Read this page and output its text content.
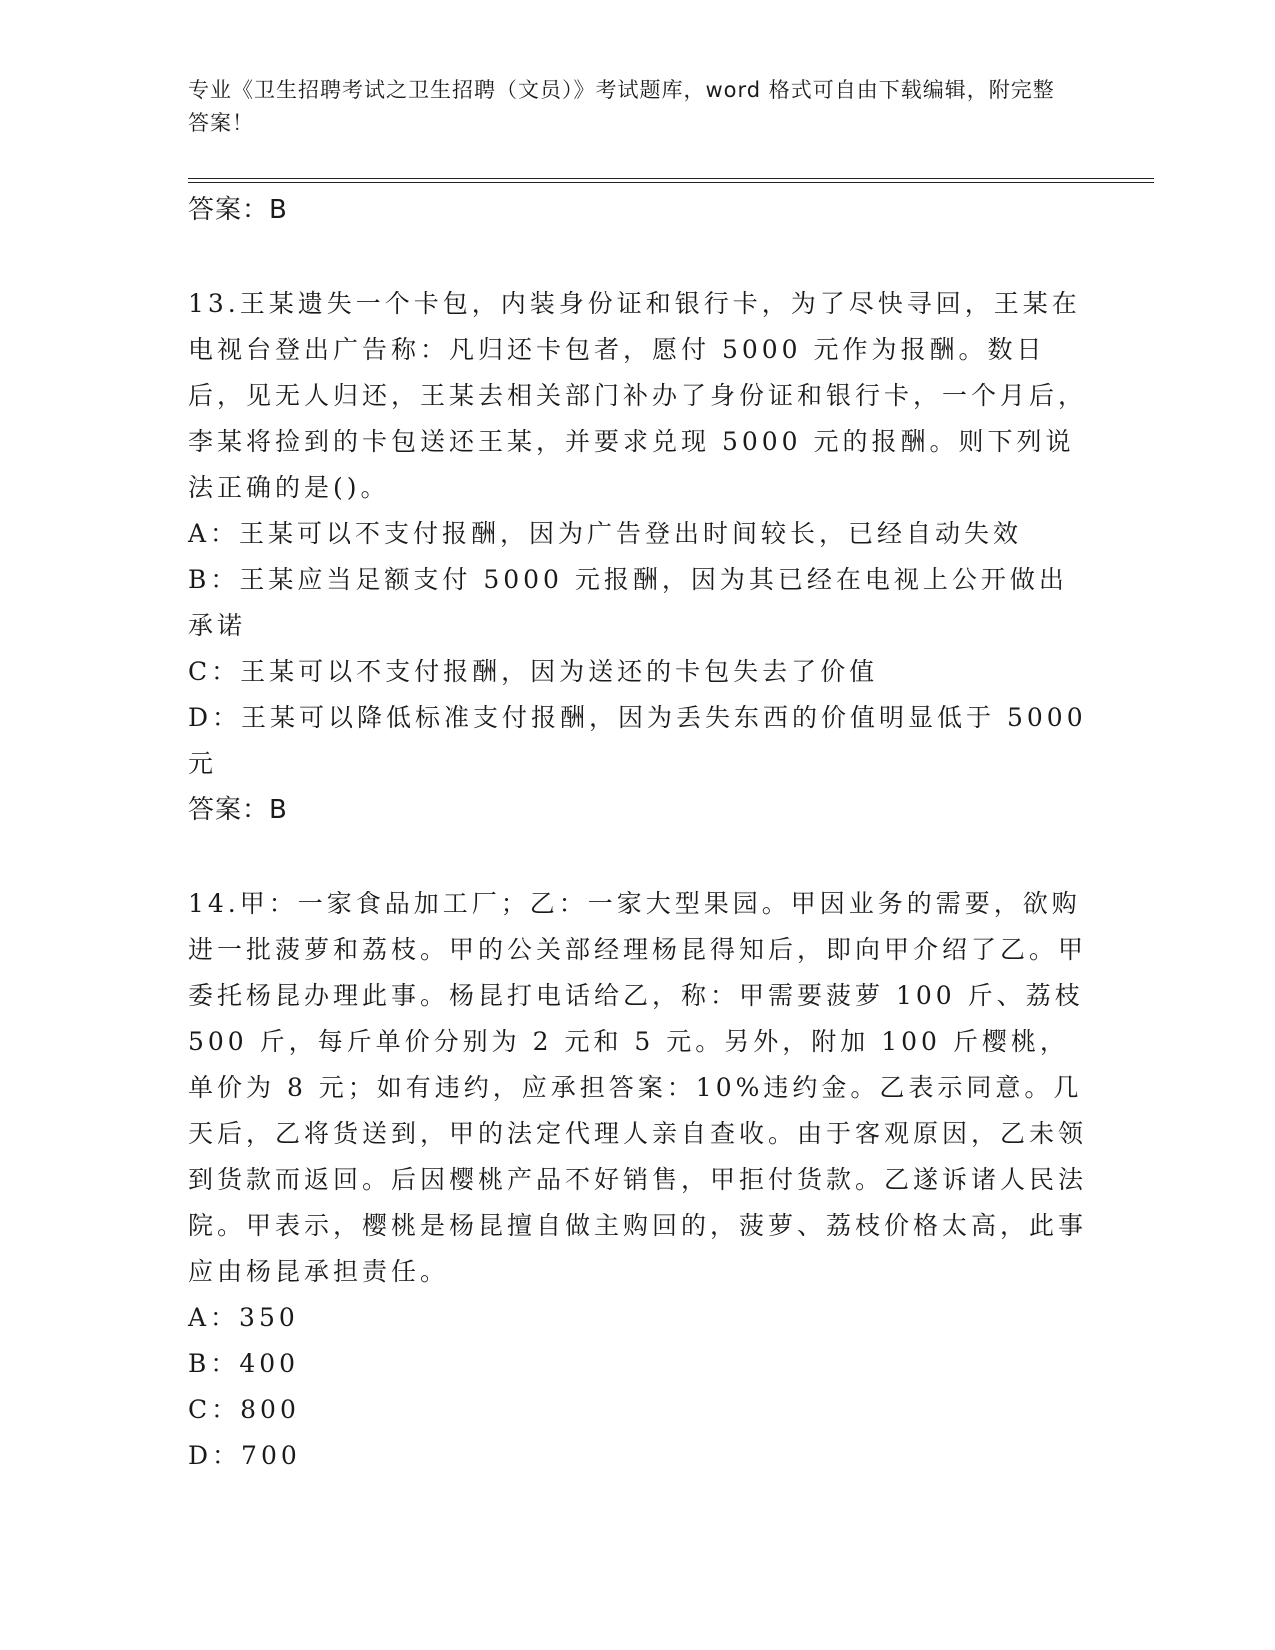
专业《卫生招聘考试之卫生招聘（文员）》考试题库，word 格式可自由下载编辑，附完整答案！
答案：B
13.王某遗失一个卡包，内装身份证和银行卡，为了尽快寻回，王某在电视台登出广告称：凡归还卡包者，愿付 5000 元作为报酬。数日后，见无人归还，王某去相关部门补办了身份证和银行卡，一个月后，李某将捡到的卡包送还王某，并要求兑现 5000 元的报酬。则下列说法正确的是()。
A：王某可以不支付报酬，因为广告登出时间较长，已经自动失效
B：王某应当足额支付 5000 元报酬，因为其已经在电视上公开做出承诺
C：王某可以不支付报酬，因为送还的卡包失去了价值
D：王某可以降低标准支付报酬，因为丢失东西的价值明显低于 5000 元
答案：B
14.甲：一家食品加工厂；乙：一家大型果园。甲因业务的需要，欲购进一批菠萝和荔枝。甲的公关部经理杨昆得知后，即向甲介绍了乙。甲委托杨昆办理此事。杨昆打电话给乙，称：甲需要菠萝 100 斤、荔枝 500 斤，每斤单价分别为 2 元和 5 元。另外，附加 100 斤樱桃，单价为 8 元；如有违约，应承担答案：10%违约金。乙表示同意。几天后，乙将货送到，甲的法定代理人亲自查收。由于客观原因，乙未领到货款而返回。后因樱桃产品不好销售，甲拒付货款。乙遂诉诸人民法院。甲表示，樱桃是杨昆擅自做主购回的，菠萝、荔枝价格太高，此事应由杨昆承担责任。
A：350
B：400
C：800
D：700
